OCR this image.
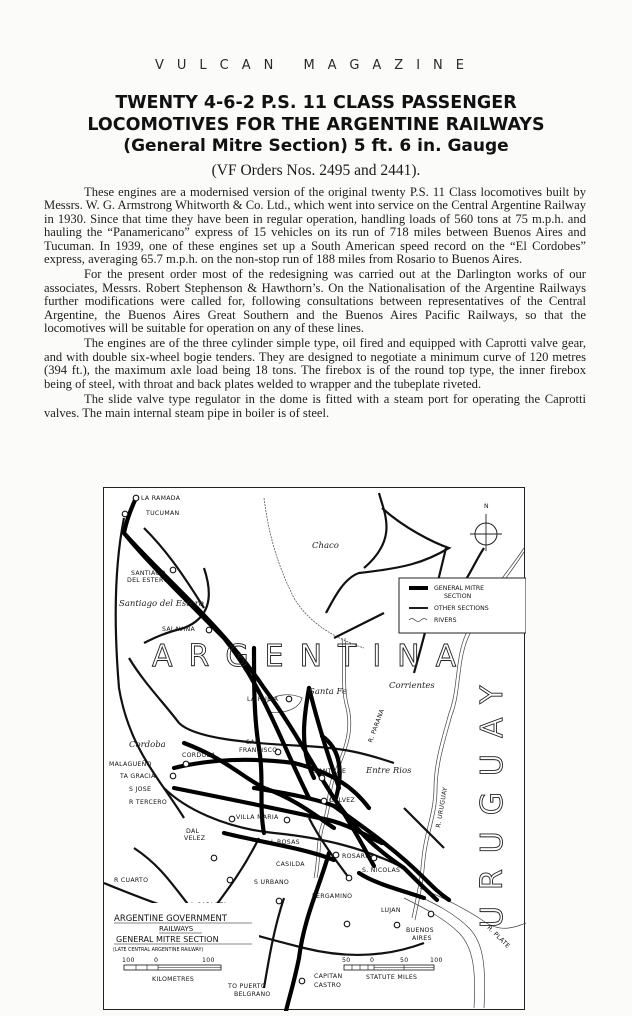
VULCAN MAGAZINE
TWENTY 4-6-2 P.S. 11 CLASS PASSENGER
LOCOMOTIVES FOR THE ARGENTINE RAILWAYS
(General Mitre Section) 5 ft. 6 in. Gauge
(VF Orders Nos. 2495 and 2441).

These engines are a modernised version of the original twenty P.S. 11 Class locomotives built by Messrs. W. G. Armstrong Whitworth & Co. Ltd., which went into service on the Central Argentine Railway in 1930. Since that time they have been in regular operation, handling loads of 560 tons at 75 m.p.h. and hauling the “Panamericano” express of 15 vehicles on its run of 718 miles between Buenos Aires and Tucuman. In 1939, one of these engines set up a South American speed record on the “El Cordobes” express, averaging 65.7 m.p.h. on the non-stop run of 188 miles from Rosario to Buenos Aires.

For the present order most of the redesigning was carried out at the Darlington works of our associates, Messrs. Robert Stephenson & Hawthorn’s. On the Nationalisation of the Argentine Railways further modifications were called for, following consultations between representatives of the Central Argentine, the Buenos Aires Great Southern and the Buenos Aires Pacific Railways, so that the locomotives will be suitable for operation on any of these lines.

The engines are of the three cylinder simple type, oil fired and equipped with Caprotti valve gear, and with double six-wheel bogie tenders. They are designed to negotiate a minimum curve of 120 metres (394 ft.), the maximum axle load being 18 tons. The firebox is of the round top type, the inner firebox being of steel, with throat and back plates welded to wrapper and the tubeplate riveted.

The slide valve type regulator in the dome is fitted with a steam port for operating the Caprotti valves. The main internal steam pipe in boiler is of steel.

ARGENTINA
URUGUAY
N
GENERAL MITRE
SECTION
OTHER SECTIONS
RIVERS
Santiago del Estero
Chaco
Santa Fe
Corrientes
Cordoba
Entre Rios
R. PARANA
R. URUGUAY
R. PLATE
LA RAMADA
TUCUMAN
SANTIAGO
DEL ESTERO
SALAVINA
LA RUBIA
CORDOBA
MALAGUEÑO
TA GRACIA
S JOSE
R TERCERO
SAN
FRANCISCO
SANTA FE
GALVEZ
VILLA MARIA
DAL
VELEZ
L ROSAS
ROSARIO
S. NICOLAS
CASILDA
R CUARTO	S URBANO
PERGAMINO
LUJAN
BUENOS
AIRES
CAPITAN
CASTRO
TO PUERTO
BELGRANO
ARGENTINE GOVERNMENT
RAILWAYS
GENERAL MITRE SECTION
(LATE CENTRAL ARGENTINE RAILWAY)
100	0	100
KILOMETRES
50	0	50	100
STATUTE MILES
